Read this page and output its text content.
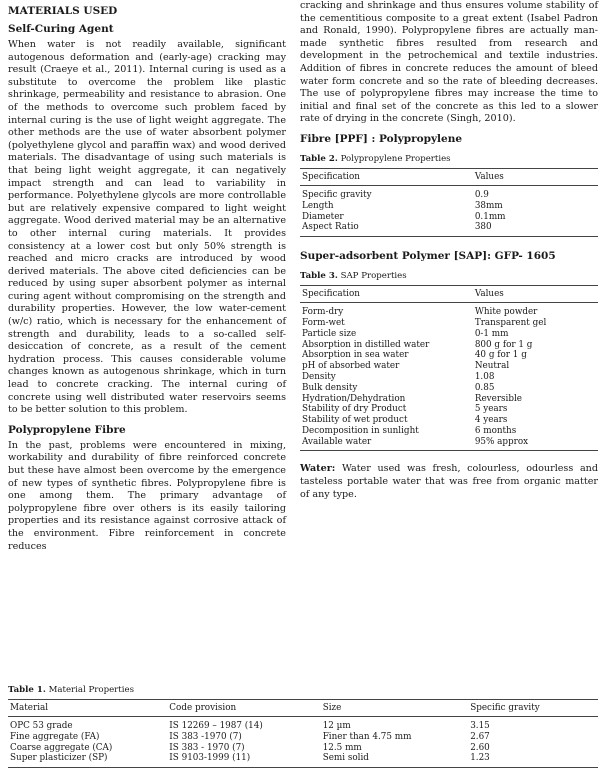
MATERIALS USED
Self-Curing Agent

When water is not readily available, significant autogenous deformation and (early-age) cracking may result (Craeye et al., 2011). Internal curing is used as a substitute to overcome the problem like plastic shrinkage, permeability and resistance to abrasion. One of the methods to overcome such problem faced by internal curing is the use of light weight aggregate. The other methods are the use of water absorbent polymer (polyethylene glycol and paraffin wax) and wood derived materials. The disadvantage of using such materials is that being light weight aggregate, it can negatively impact strength and can lead to variability in performance. Polyethylene glycols are more controllable but are relatively expensive compared to light weight aggregate. Wood derived material may be an alternative to other internal curing materials. It provides consistency at a lower cost but only 50% strength is reached and micro cracks are introduced by wood derived materials. The above cited deficiencies can be reduced by using super absorbent polymer as internal curing agent without compromising on the strength and durability properties. However, the low water-cement (w/c) ratio, which is necessary for the enhancement of strength and durability, leads to a so-called self-desiccation of concrete, as a result of the cement hydration process. This causes considerable volume changes known as autogenous shrinkage, which in turn lead to concrete cracking. The internal curing of concrete using well distributed water reservoirs seems to be better solution to this problem.

Polypropylene Fibre

In the past, problems were encountered in mixing, workability and durability of fibre reinforced concrete but these have almost been overcome by the emergence of new types of synthetic fibres. Polypropylene fibre is one among them. The primary advantage of polypropylene fibre over others is its easily tailoring properties and its resistance against corrosive attack of the environment. Fibre reinforcement in concrete reduces

cracking and shrinkage and thus ensures volume stability of the cementitious composite to a great extent (Isabel Padron and Ronald, 1990). Polypropylene fibres are actually man-made synthetic fibres resulted from research and development in the petrochemical and textile industries. Addition of fibres in concrete reduces the amount of bleed water form concrete and so the rate of bleeding decreases. The use of polypropylene fibres may increase the time to initial and final set of the concrete as this led to a slower rate of drying in the concrete (Singh, 2010).

Fibre [PPF] : Polypropylene
Table 2. Polypropylene Properties
Specification	Values
Specific gravity	0.9
Length	38mm
Diameter	0.1mm
Aspect Ratio	380
Super-adsorbent Polymer [SAP]: GFP- 1605
Table 3. SAP Properties
Specification	Values
Form-dry	White powder
Form-wet	Transparent gel
Particle size	0-1 mm
Absorption in distilled water	800 g for 1 g
Absorption in sea water	40 g for 1 g
pH of absorbed water	Neutral
Density	1.08
Bulk density	0.85
Hydration/Dehydration	Reversible
Stability of dry Product	5 years
Stability of wet product	4 years
Decomposition in sunlight	6 months
Available water	95% approx

Water: Water used was fresh, colourless, odourless and tasteless portable water that was free from organic matter of any type.

Table 1. Material Properties
Material	Code provision	Size	Specific gravity
OPC 53 grade	IS 12269 – 1987 (14)	12 µm	3.15
Fine aggregate (FA)	IS 383 -1970 (7)	Finer than 4.75 mm	2.67
Coarse aggregate (CA)	IS 383 - 1970 (7)	12.5 mm	2.60
Super plasticizer (SP)	IS 9103-1999 (11)	Semi solid	1.23
